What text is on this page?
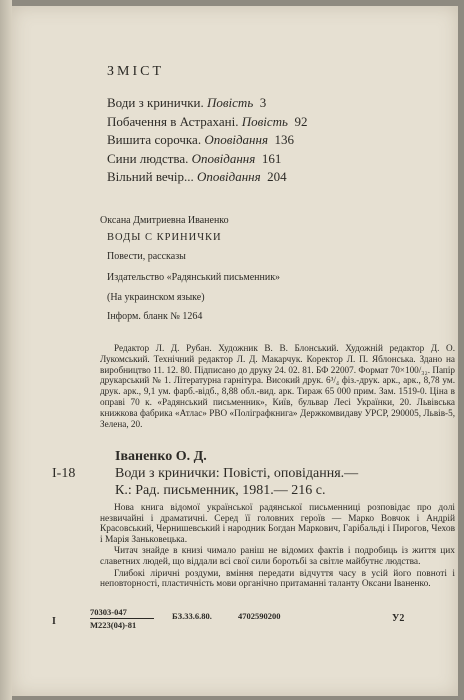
ЗМІСТ
Води з кринички. Повість 3
Побачення в Астрахані. Повість 92
Вишита сорочка. Оповідання 136
Сини людства. Оповідання 161
Вільний вечір... Оповідання 204
Оксана Дмитриевна Иваненко
ВОДЫ С КРИНИЧКИ
Повести, рассказы
Издательство «Радянський письменник»
(На украинском языке)
Інформ. бланк № 1264

Редактор Л. Д. Рубан. Художник В. В. Блонський. Художній редактор Д. О. Лукомський. Технічний редактор Л. Д. Макарчук. Коректор Л. П. Яблонська. Здано на виробництво 11. 12. 80. Підписано до друку 24. 02. 81. БФ 22007. Формат 70×100/₃₂. Папір друкарський № 1. Літературна гарнітура. Високий друк. 6³/₄ фіз.-друк. арк., арк., 8,78 ум. друк. арк., 9,1 ум. фарб.-відб., 8,88 обл.-вид. арк. Тираж 65 000 прим. Зам. 1519-0. Ціна в оправі 70 к. «Радянський письменник», Київ, бульвар Лесі Українки, 20. Львівська книжкова фабрика «Атлас» РВО «Поліграфкнига» Держкомвидаву УРСР, 290005, Львів-5, Зелена, 20.

Іваненко О. Д.
І-18	Води з кринички: Повісті, оповідання.—
К.: Рад. письменник, 1981.— 216 с.

Нова книга відомої української радянської письменниці розповідає про долі незвичайні і драматичні. Серед її головних героїв — Марко Вовчок і Андрій Красовський, Чернишевський і народник Богдан Маркович, Гарібальді і Пирогов, Чехов і Марія Заньковецька.

Читач знайде в книзі чимало раніш не відомих фактів і подробиць із життя цих славетних людей, що віддали всі свої сили боротьбі за світле майбутнє людства.

Глибокі ліричні роздуми, вміння передати відчуття часу в усій його повноті і неповторності, пластичність мови органічно притаманні таланту Оксани Іваненко.

І
70303-047
М223(04)-81
БЗ.33.6.80.	4702590200	У2
